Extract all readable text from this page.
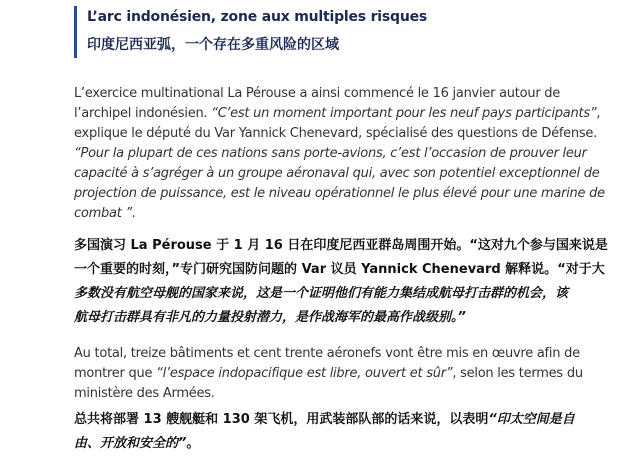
L’arc indonésien, zone aux multiples risques
印度尼西亚弧，一个存在多重风险的区域
L’exercice multinational La Pérouse a ainsi commencé le 16 janvier autour de
l’archipel indonésien. “C’est un moment important pour les neuf pays participants”,
explique le député du Var Yannick Chenevard, spécialisé des questions de Défense.
“Pour la plupart de ces nations sans porte-avions, c’est l’occasion de prouver leur
capacité à s’agréger à un groupe aéronaval qui, avec son potentiel exceptionnel de
projection de puissance, est le niveau opérationnel le plus élevé pour une marine de
combat ”.
多国演习 La Pérouse 于 1 月 16 日在印度尼西亚群岛周围开始。“这对九个参与国来说是
一个重要的时刻，”专门研究国防问题的 Var 议员 Yannick Chenevard 解释说。“对于大
多数没有航空母舰的国家来说，这是一个证明他们有能力集结成航母打击群的机会，该
航母打击群具有非凡的力量投射潜力，是作战海军的最高作战级别。”
Au total, treize bâtiments et cent trente aéronefs vont être mis en œuvre afin de
montrer que “l’espace indopacifique est libre, ouvert et sûr”, selon les termes du
ministère des Armées.
总共将部署 13 艘舰艇和 130 架飞机，用武装部队部的话来说，以表明“印太空间是自
由、开放和安全的”。
